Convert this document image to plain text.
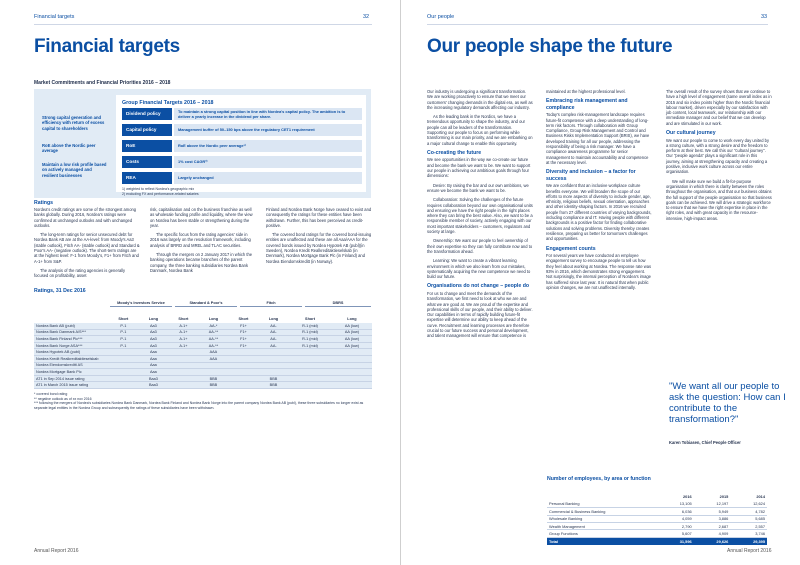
Financial targets	32
Financial targets
Market Commitments and Financial Priorities 2016 – 2018
Strong capital generation and efficiency with return of excess capital to shareholders
RoE above the Nordic peer average
Maintain a low risk profile based on actively managed and resilient businesses
Group Financial Targets 2016 – 2018
Dividend policy	To maintain a strong capital position in line with Nordea's capital policy. The ambition is to deliver a yearly increase in the dividend per share.
Capital policy	Management buffer of 50–150 bps above the regulatory CET1 requirement
RoE	RoE above the Nordic peer average¹⁾
Costs	1% cost CAGR²⁾
REA	Largely unchanged
1) weighted to reflect Nordea's geographic mix
2) excluding FX and performance-related salaries
Ratings

Nordea's credit ratings are some of the strongest among banks globally. During 2016, Nordea's ratings were confirmed at unchanged outlooks and with unchanged outlooks.

The long-term ratings for senior unsecured debt for Nordea Bank AB are at the AA-level: from Moody's Aa3 (stable outlook), Fitch AA- (stable outlook) and Standard & Poor's AA- (negative outlook). The short-term ratings are at the highest level: F-1 from Moody's, F1+ from Fitch and A-1+ from S&P.

The analysis of the rating agencies is generally focused on profitability, asset

risk, capitalisation and on the business franchise as well as wholesale funding profile and liquidity, where the view on Nordea has been stable or strengthening during the year.

The specific focus from the rating agencies' side in 2016 was largely on the resolution framework, including analysis of BRRD and MREL and TLAC securities.

Through the mergers on 2 January 2017 in which the banking operations became branches of the parent company, the three banking subsidiaries Nordea Bank Danmark, Nordea Bank

Finland and Nordea Bank Norge have ceased to exist and consequently the ratings for these entities have been withdrawn. Further, this has been perceived as credit-positive.

The covered bond ratings for the covered bond-issuing entities are unaffected and these are all Aaa/AAA for the covered bonds issued by Nordea Hypotek AB (publ)(in Sweden), Nordea Kredit Realkreditaktieselskab (in Denmark), Nordea Mortgage Bank Plc (in Finland) and Nordea Eiendomskreditt (in Norway).

Ratings, 31 Dec 2016
Moody's Investors Service	Standard & Poor's	Fitch	DBRS
	Short	Long	Short	Long	Short	Long	Short	Long
Nordea Bank AB (publ)	P-1	Aa3	A-1+	AA-*	F1+	AA-	R-1 (mid)	AA (low)
Nordea Bank Danmark A/S***	P-1	Aa3	A-1+	AA-**	F1+	AA-	R-1 (mid)	AA (low)
Nordea Bank Finland Plc***	P-1	Aa3	A-1+	AA-**	F1+	AA-	R-1 (mid)	AA (low)
Nordea Bank Norge ASA***	P-1	Aa3	A-1+	AA-**	F1+	AA-	R-1 (mid)	AA (low)
Nordea Hypotek AB (publ)		Aaa		AAA				
Nordea Kredit Realkreditaktieselskab		Aaa		AAA				
Nordea Eiendomskreditt AS		Aaa						
Nordea Mortgage Bank Plc		Aaa						
AT1 in Sep 2014 issue rating		Baa3		BBB		BBB		
AT1 in March 2015 issue rating		Baa3		BBB		BBB		
* covered bond rating
** negative outlook as of xx nov 2016
*** following the mergers of Nordea's subsidiaries Nordea Bank Danmark, Nordea Bank Finland and Nordea Bank Norge into the parent company Nordea Bank AB (publ), these three subsidiaries no longer exist as separate legal entities in the Nordea Group and subsequently the ratings of these subsidiaries have been withdrawn.
Annual Report 2016
Our people	33
Our people shape the future

Our industry is undergoing a significant transformation. We are working proactively to ensure that we meet our customers' changing demands in the digital era, as well as the increasing regulatory demands affecting our industry.

As the leading bank in the Nordics, we have a tremendous opportunity to shape the industry, and our people can all be leaders of the transformation. Supporting our people to focus on performing while transforming is our main priority, and we are embarking on a major cultural change to enable this opportunity.

Co-creating the future

We see opportunities in the way we co-create our future and become the bank we want to be. We want to support our people in achieving our ambitious goals through four dimensions:

Desire: By raising the bar and our own ambitions, we ensure we become the bank we want to be.

Collaboration: Solving the challenges of the future requires collaboration beyond our own organisational units and ensuring we have the right people in the right places where they can bring the best value. Also, we want to be a responsible member of society, actively engaging with our most important stakeholders – customers, regulators and society at large.

Ownership: We want our people to feel ownership of their own expertise so they can fully contribute now and to the transformation ahead.

Learning: We want to create a vibrant learning environment in which we also learn from our mistakes, systematically acquiring the new competence we need to build our future.

Organisations do not change – people do

For us to change and meet the demands of the transformation, we first need to look at who we are and what we are good at. We are proud of the expertise and professional skills of our people, and their ability to deliver. Our capabilities in terms of rapidly building future-fit expertise will determine our ability to keep ahead of the curve. Recruitment and learning processes are therefore crucial to our future success and personal development, and talent management will ensure that competence is

maintained at the highest professional level.

Embracing risk management and compliance

Today's complex risk-management landscape requires future-fit competence with a deep understanding of long-term risk factors. Through collaboration with Group Compliance, Group Risk Management and Control and Business Risks Implementation Support (BRIS), we have developed training for all our people, addressing the responsibility of being a risk manager. We have a compliance awareness programme for senior management to maintain accountability and competence at the necessary level.

Diversity and inclusion – a factor for success

We are confident that an inclusive workplace culture benefits everyone. We will broaden the scope of our efforts to more aspects of diversity to include gender, age, ethnicity, religious beliefs, sexual orientation, approaches and other identity-shaping factors. In 2016 we recruited people from 27 different countries of varying backgrounds, including compliance and IT. Having people with different backgrounds is a positive factor for finding collaborative solutions and solving problems. Diversity thereby creates resilience, preparing us better for tomorrow's challenges and opportunities.

Engagement counts

For several years we have conducted an employee engagement survey to encourage people to tell us how they feel about working at Nordea. The response rate was 93% in 2016, which demonstrates strong engagement. Not surprisingly, the internal perception of Nordea's image has suffered since last year. It is natural that when public opinion changes, we are not unaffected internally.

The overall result of the survey shows that we continue to have a high level of engagement (same overall index as in 2015 and six index points higher than the Nordic financial labour market), driven especially by our satisfaction with job content, local teamwork, our relationship with our immediate manager and our belief that we can develop and are stimulated in our work.

Our cultural journey

We want our people to come to work every day united by a strong culture, with a strong desire and the freedom to perform at their best. We call this our "cultural journey". Our "people agenda" plays a significant role in this journey, aiming at strengthening capacity and creating a positive, inclusive work culture across our entire organisation.

We will make sure we build a fit-for-purpose organisation in which there is clarity between the roles throughout the organisation, and that our business obtains the full support of the people organisation so that business goals can be achieved. We will drive a strategic workforce to ensure that we have the right expertise in place in the right roles, and with great capacity in the resource-intensive, high-impact areas.

"We want all our people to ask the question: How can I contribute to the transformation?"
Karen Tobiasen, Chief People Officer
Number of employees, by area or function
	2016	2015	2014
Personal Banking	13,105	12,197	12,624
Commercial & Business Banking	6,036	5,949	4,782
Wholesale Banking	4,059	3,886	5,685
Wealth Management	2,790	2,687	2,557
Group Functions	5,607	4,909	3,746
Total	31,596	29,626	29,395
Annual Report 2016
